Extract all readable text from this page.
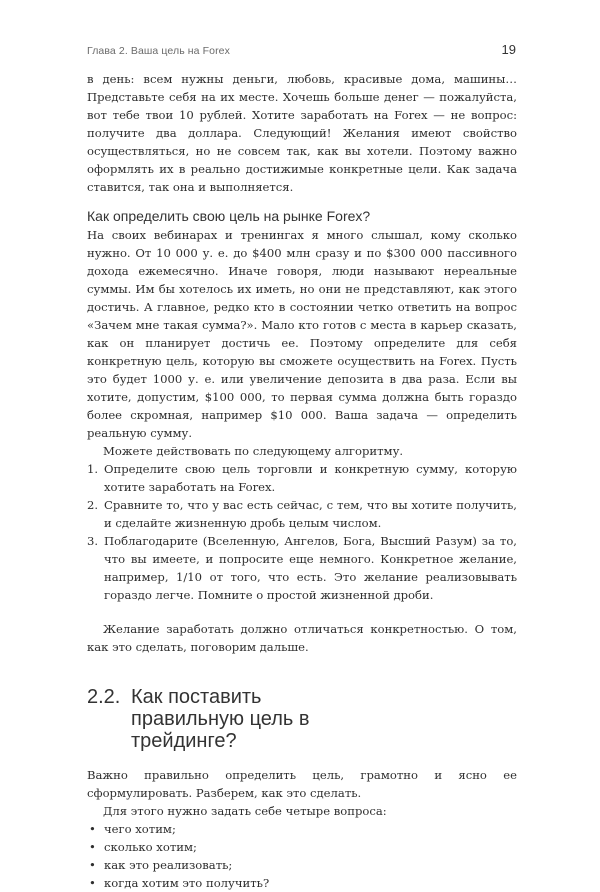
Глава 2. Ваша цель на Forex	19

в день: всем нужны деньги, любовь, красивые дома, машины… Представьте себя на их месте. Хочешь больше денег — пожалуйста, вот тебе твои 10 рублей. Хотите заработать на Forex — не вопрос: получите два доллара. Следующий! Желания имеют свойство осуществляться, но не совсем так, как вы хотели. Поэтому важно оформлять их в реально достижимые конкретные цели. Как задача ставится, так она и выполняется.

Как определить свою цель на рынке Forex?

На своих вебинарах и тренингах я много слышал, кому сколько нужно. От 10 000 у. е. до $400 млн сразу и по $300 000 пассивного дохода ежемесячно. Иначе говоря, люди называют нереальные суммы. Им бы хотелось их иметь, но они не представляют, как этого достичь. А главное, редко кто в состоянии четко ответить на вопрос «Зачем мне такая сумма?». Мало кто готов с места в карьер сказать, как он планирует достичь ее. Поэтому определите для себя конкретную цель, которую вы сможете осуществить на Forex. Пусть это будет 1000 у. е. или увеличение депозита в два раза. Если вы хотите, допустим, $100 000, то первая сумма должна быть гораздо более скромная, например $10 000. Ваша задача — определить реальную сумму.

Можете действовать по следующему алгоритму.

1. Определите свою цель торговли и конкретную сумму, которую хотите заработать на Forex.
2. Сравните то, что у вас есть сейчас, с тем, что вы хотите получить, и сделайте жизненную дробь целым числом.
3. Поблагодарите (Вселенную, Ангелов, Бога, Высший Разум) за то, что вы имеете, и попросите еще немного. Конкретное желание, например, 1/10 от того, что есть. Это желание реализовывать гораздо легче. Помните о простой жизненной дроби.

Желание заработать должно отличаться конкретностью. О том, как это сделать, поговорим дальше.

2.2. Как поставить правильную цель в трейдинге?

Важно правильно определить цель, грамотно и ясно ее сформулировать. Разберем, как это сделать.

Для этого нужно задать себе четыре вопроса:

• чего хотим;
• сколько хотим;
• как это реализовать;
• когда хотим это получить?
